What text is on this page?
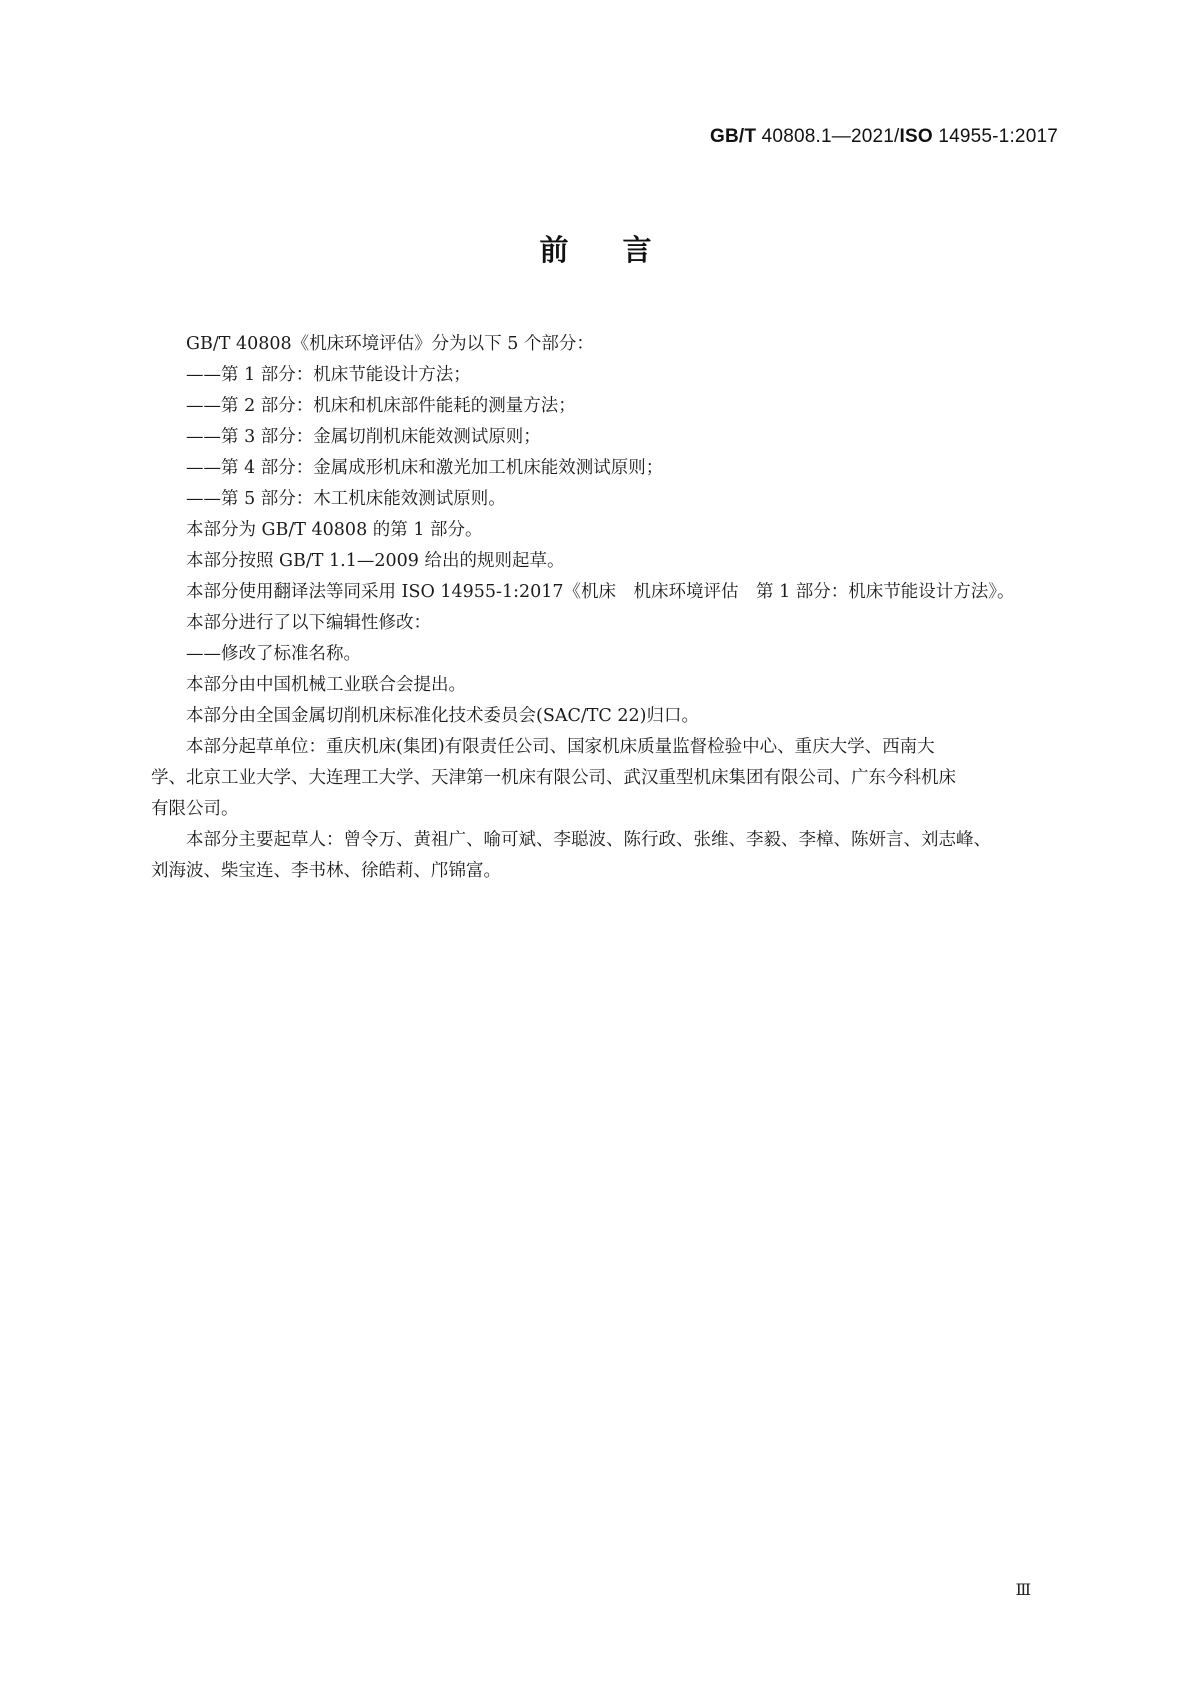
GB/T 40808.1—2021/ISO 14955-1:2017
前言

GB/T 40808《机床环境评估》分为以下 5 个部分：

——第 1 部分：机床节能设计方法；

——第 2 部分：机床和机床部件能耗的测量方法；

——第 3 部分：金属切削机床能效测试原则；

——第 4 部分：金属成形机床和激光加工机床能效测试原则；

——第 5 部分：木工机床能效测试原则。

本部分为 GB/T 40808 的第 1 部分。

本部分按照 GB/T 1.1—2009 给出的规则起草。

本部分使用翻译法等同采用 ISO 14955-1:2017《机床　机床环境评估　第 1 部分：机床节能设计方法》。

本部分进行了以下编辑性修改：

——修改了标准名称。

本部分由中国机械工业联合会提出。

本部分由全国金属切削机床标准化技术委员会(SAC/TC 22)归口。

本部分起草单位：重庆机床(集团)有限责任公司、国家机床质量监督检验中心、重庆大学、西南大

学、北京工业大学、大连理工大学、天津第一机床有限公司、武汉重型机床集团有限公司、广东今科机床

有限公司。

本部分主要起草人：曾令万、黄祖广、喻可斌、李聪波、陈行政、张维、李毅、李樟、陈妍言、刘志峰、

刘海波、柴宝连、李书林、徐皓莉、邝锦富。

Ⅲ
